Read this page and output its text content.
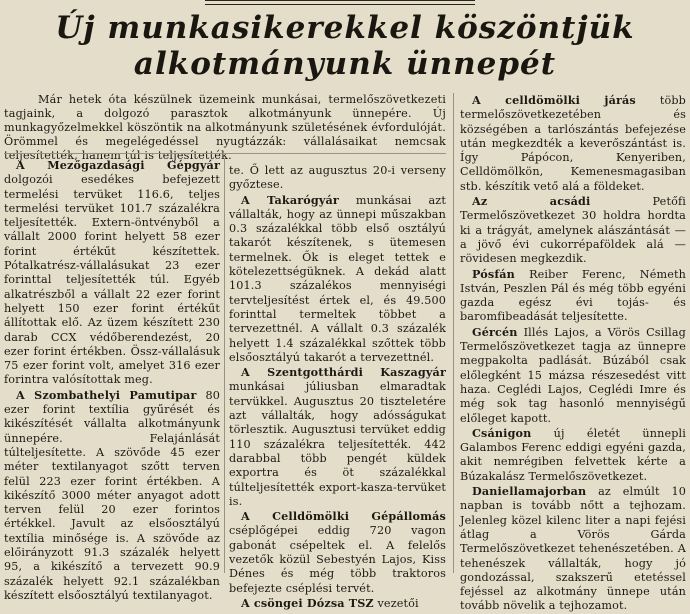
Új munkasikerekkel köszöntjük
alkotmányunk ünnepét

Már hetek óta készülnek üzemeink munkásai, termelőszövetkezeti tagjaink, a dolgozó parasztok alkotmányunk ünnepére. Új munkagyőzelmekkel köszöntik na alkotmányunk születésének évfordulóját. Örömmel és megelégedéssel nyugtázzák: vállalásaikat nemcsak teljesítették, hanem túl is teljesítették.

A Mezőgazdasági Gépgyár dolgozói esedékes befejezett termelési tervüket 116.6, teljes termelési tervüket 101.7 százalékra teljesítették. Extern-öntvényből a vállalt 2000 forint helyett 58 ezer forint értékűt készítettek. Pótalkatrész-vállalásukat 23 ezer forinttal teljesítették túl. Egyéb alkatrészből a vállalt 22 ezer forint helyett 150 ezer forint értékűt állítottak elő. Az üzem készített 230 darab CCX védőberendezést, 20 ezer forint értékben. Össz-vállalásuk 75 ezer forint volt, amelyet 316 ezer forintra valósítottak meg.

A Szombathelyi Pamutipar 80 ezer forint textília gyűrését és kikészítését vállalta alkotmányunk ünnepére. Felajánlását túlteljesítette. A szövőde 45 ezer méter textilanyagot szőtt terven felül 223 ezer forint értékben. A kikészítő 3000 méter anyagot adott terven felül 20 ezer forintos értékkel. Javult az elsőosztályú textília minősége is. A szövőde az előirányzott 91.3 százalék helyett 95, a kikészítő a tervezett 90.9 százalék helyett 92.1 százalékban készített elsőosztályú textilanyagot.

te. Ő lett az augusztus 20-i verseny győztese.

A Takarógyár munkásai azt vállalták, hogy az ünnepi műszakban 0.3 százalékkal több első osztályú takarót készítenek, s ütemesen termelnek. Ők is eleget tettek e kötelezettségüknek. A dekád alatt 101.3 százalékos mennyiségi tervteljesítést értek el, és 49.500 forinttal termeltek többet a tervezettnél. A vállalt 0.3 százalék helyett 1.4 százalékkal szőttek több elsőosztályú takarót a tervezettnél.

A Szentgotthárdi Kaszagyár munkásai júliusban elmaradtak tervükkel. Augusztus 20 tiszteletére azt vállalták, hogy adósságukat törlesztik. Augusztusi tervüket eddig 110 százalékra teljesítették. 442 darabbal több pengét küldek exportra és öt százalékkal túlteljesítették export-kasza-tervüket is.

A Celldömölki Gépállomás cséplőgépei eddig 720 vagon gabonát csépeltek el. A felelős vezetők közül Sebestyén Lajos, Kiss Dénes és még több traktoros befejezte cséplési tervét.

A csöngei Dózsa TSZ vezetői

A celldömölki járás több termelőszövetkezetében és községében a tarlószántás befejezése után megkezdték a keverőszántást is. Így Pápócon, Kenyeriben, Celldömölkön, Kemenesmagasiban stb. készítik vető alá a földeket.

Az acsádi Petőfi Termelőszövetkezet 30 holdra hordta ki a trágyát, amelynek alászántását — a jövő évi cukorrépaföldek alá — rövidesen megkezdik.

Pósfán Reiber Ferenc, Németh István, Peszlen Pál és még több egyéni gazda egész évi tojás- és baromfibeadását teljesítette.

Gércén Illés Lajos, a Vörös Csillag Termelőszövetkezet tagja az ünnepre megpakolta padlását. Búzából csak előlegként 15 mázsa részesedést vitt haza. Ceglédi Lajos, Ceglédi Imre és még sok tag hasonló mennyiségű előleget kapott.

Csánigon új életét ünnepli Galambos Ferenc eddigi egyéni gazda, akit nemrégiben felvettek kérte a Búzakalász Termelőszövetkezet.

Daniellamajorban az elmúlt 10 napban is tovább nőtt a tejhozam. Jelenleg közel kilenc liter a napi fejési átlag a Vörös Gárda Termelőszövetkezet tehenészetében. A tehenészek vállalták, hogy jó gondozással, szakszerű etetéssel fejéssel az alkotmány ünnepe után tovább növelik a tejhozamot.
